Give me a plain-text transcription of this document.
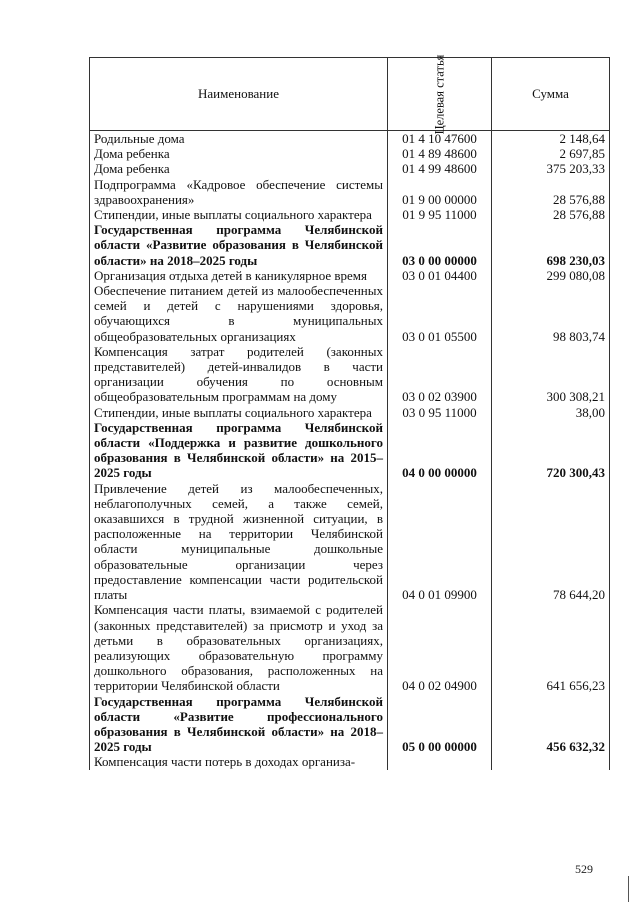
Наименование	Целевая статья	Сумма
Родильные дома	01 4 10 47600	2 148,64
Дома ребенка	01 4 89 48600	2 697,85
Дома ребенка	01 4 99 48600	375 203,33
Подпрограмма «Кадровое обеспечение системы здравоохранения»	01 9 00 00000	28 576,88
Стипендии, иные выплаты социального характера	01 9 95 11000	28 576,88
Государственная программа Челябинской области «Развитие образования в Челябинской области» на 2018–2025 годы	03 0 00 00000	698 230,03
Организация отдыха детей в каникулярное время	03 0 01 04400	299 080,08
Обеспечение питанием детей из малообеспеченных семей и детей с нарушениями здоровья, обучающихся в муниципальных общеобразовательных организациях	03 0 01 05500	98 803,74
Компенсация затрат родителей (законных представителей) детей-инвалидов в части организации обучения по основным общеобразовательным программам на дому	03 0 02 03900	300 308,21
Стипендии, иные выплаты социального характера	03 0 95 11000	38,00
Государственная программа Челябинской области «Поддержка и развитие дошкольного образования в Челябинской области» на 2015–2025 годы	04 0 00 00000	720 300,43
Привлечение детей из малообеспеченных, неблагополучных семей, а также семей, оказавшихся в трудной жизненной ситуации, в расположенные на территории Челябинской области муниципальные дошкольные образовательные организации через предоставление компенсации части родительской платы	04 0 01 09900	78 644,20
Компенсация части платы, взимаемой с родителей (законных представителей) за присмотр и уход за детьми в образовательных организациях, реализующих образовательную программу дошкольного образования, расположенных на территории Челябинской области	04 0 02 04900	641 656,23
Государственная программа Челябинской области «Развитие профессионального образования в Челябинской области» на 2018–2025 годы	05 0 00 00000	456 632,32
Компенсация части потерь в доходах организа-		
529
